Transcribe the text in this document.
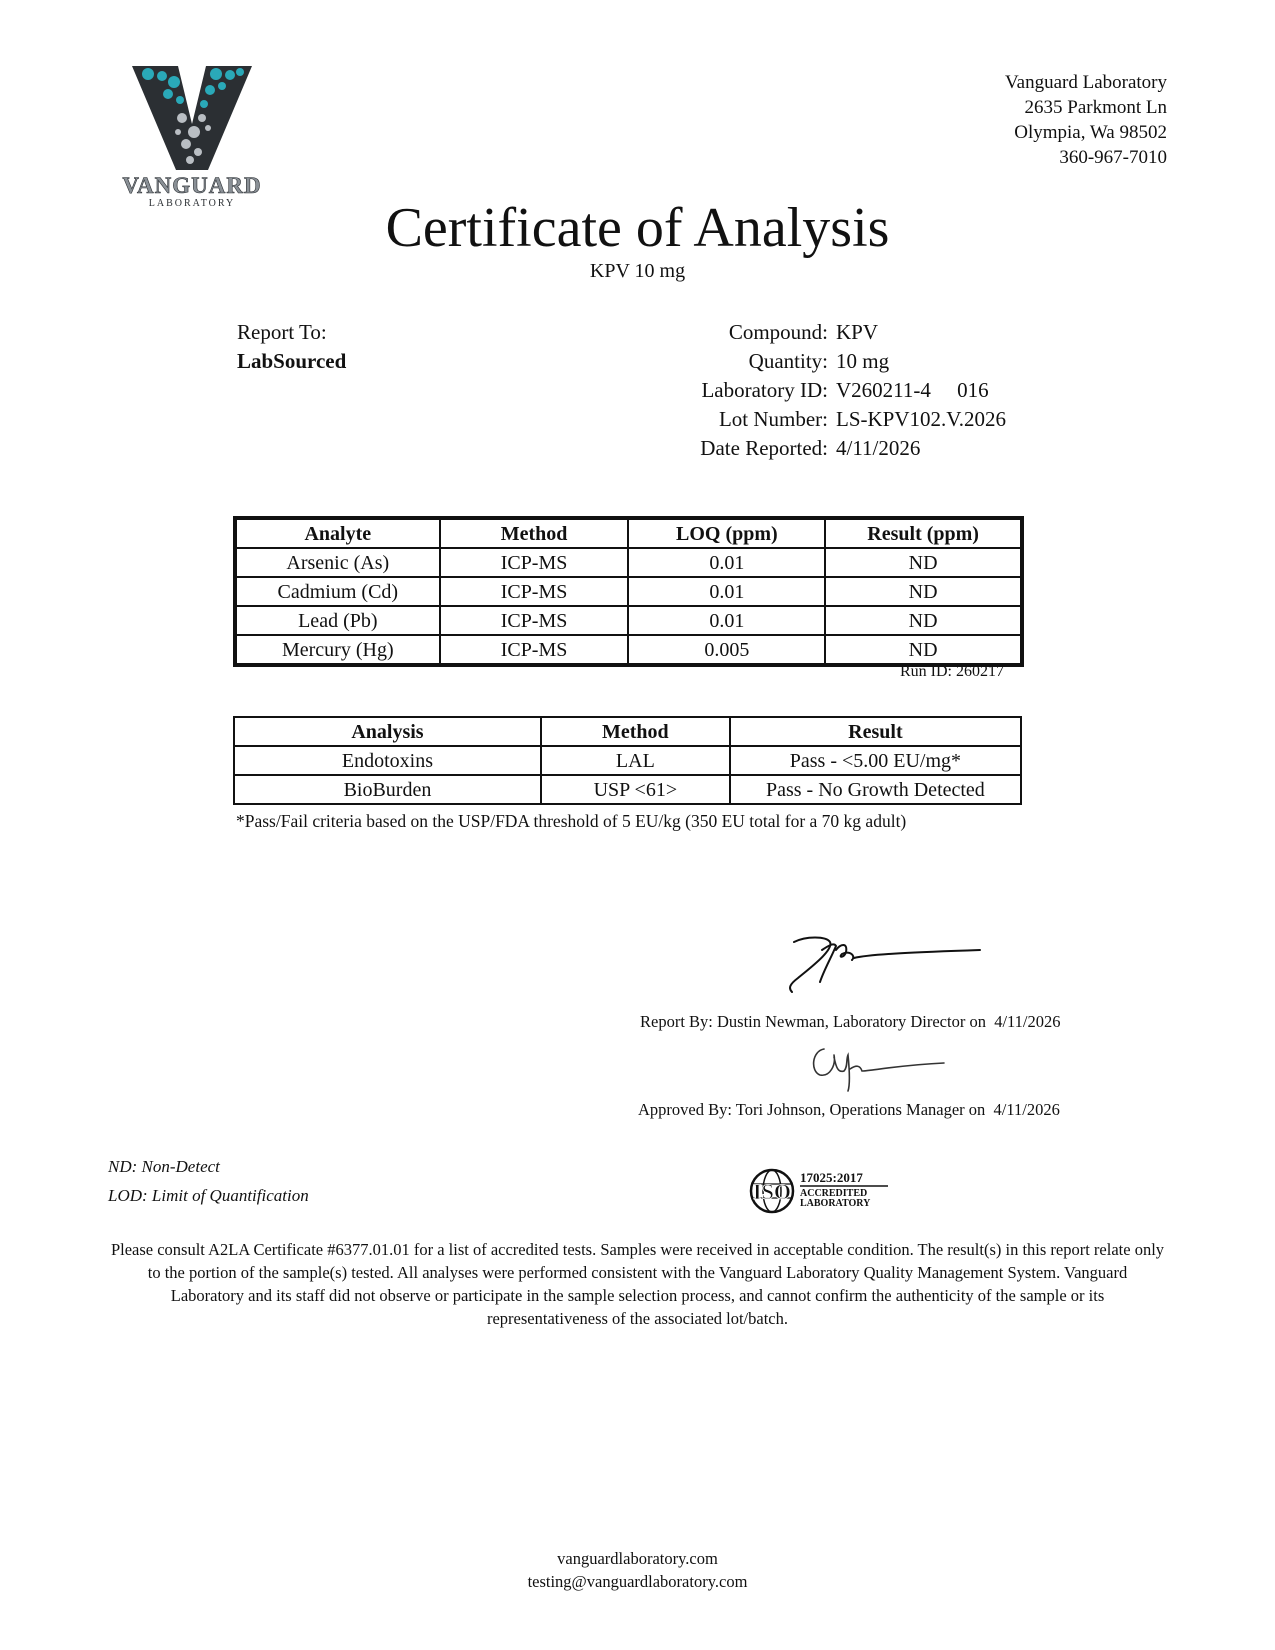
VANGUARD
LABORATORY
Vanguard Laboratory
2635 Parkmont Ln
Olympia, Wa 98502
360-967-7010
Certificate of Analysis
KPV 10 mg
Report To:
LabSourced
Compound: KPV
Quantity: 10 mg
Laboratory ID: V260211-4     016
Lot Number: LS-KPV102.V.2026
Date Reported: 4/11/2026
Analyte	Method	LOQ (ppm)	Result (ppm)
Arsenic (As)	ICP-MS	0.01	ND
Cadmium (Cd)	ICP-MS	0.01	ND
Lead (Pb)	ICP-MS	0.01	ND
Mercury (Hg)	ICP-MS	0.005	ND
Run ID: 260217
Analysis	Method	Result
Endotoxins	LAL	Pass - <5.00 EU/mg*
BioBurden	USP <61>	Pass - No Growth Detected
*Pass/Fail criteria based on the USP/FDA threshold of 5 EU/kg (350 EU total for a 70 kg adult)
Report By: Dustin Newman, Laboratory Director on  4/11/2026
Approved By: Tori Johnson, Operations Manager on  4/11/2026
ND: Non-Detect
LOD: Limit of Quantification	ISO
17025:2017
ACCREDITED
LABORATORY
Please consult A2LA Certificate #6377.01.01 for a list of accredited tests. Samples were received in acceptable condition. The result(s) in this report relate only to the portion of the sample(s) tested. All analyses were performed consistent with the Vanguard Laboratory Quality Management System. Vanguard Laboratory and its staff did not observe or participate in the sample selection process, and cannot confirm the authenticity of the sample or its representativeness of the associated lot/batch.
vanguardlaboratory.com
testing@vanguardlaboratory.com
